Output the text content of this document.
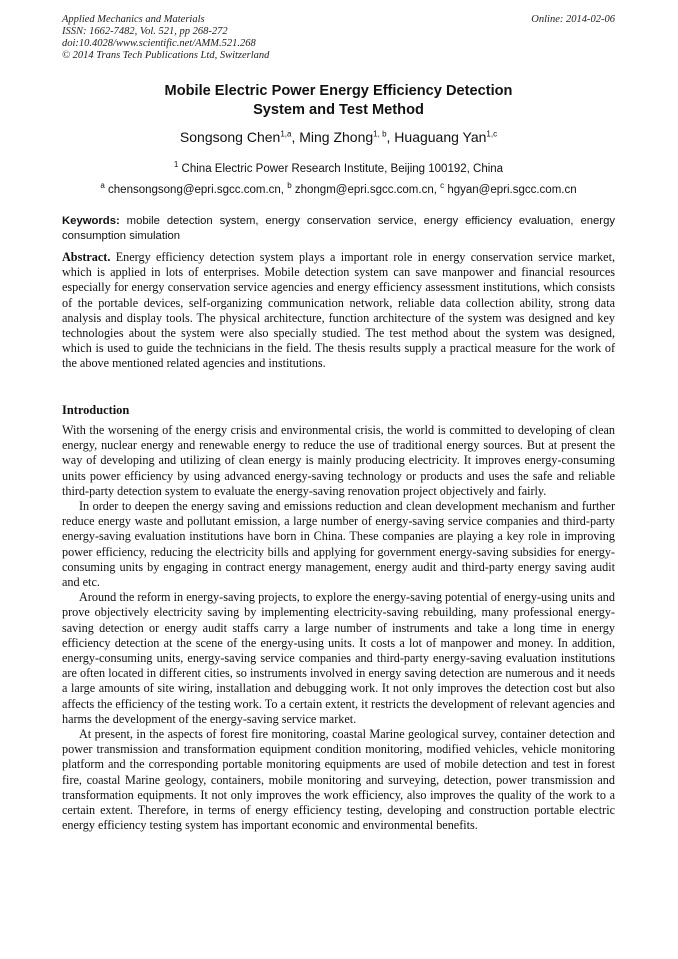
Applied Mechanics and Materials
ISSN: 1662-7482, Vol. 521, pp 268-272
doi:10.4028/www.scientific.net/AMM.521.268
© 2014 Trans Tech Publications Ltd, Switzerland
Online: 2014-02-06
Mobile Electric Power Energy Efficiency Detection
System and Test Method
Songsong Chen$^{1,a}$, Ming Zhong$^{1, b}$, Huaguang Yan$^{1,c}$
$^1$ China Electric Power Research Institute, Beijing 100192, China
$^a$ chensongsong@epri.sgcc.com.cn, $^b$ zhongm@epri.sgcc.com.cn, $^c$ hgyan@epri.sgcc.com.cn
Keywords: mobile detection system, energy conservation service, energy efficiency evaluation, energy consumption simulation

Abstract. Energy efficiency detection system plays a important role in energy conservation service market, which is applied in lots of enterprises. Mobile detection system can save manpower and financial resources especially for energy conservation service agencies and energy efficiency assessment institutions, which consists of the portable devices, self-organizing communication network, reliable data collection ability, strong data analysis and display tools. The physical architecture, function architecture of the system was designed and key technologies about the system were also specially studied. The test method about the system was designed, which is used to guide the technicians in the field. The thesis results supply a practical measure for the work of the above mentioned related agencies and institutions.

Introduction

With the worsening of the energy crisis and environmental crisis, the world is committed to developing of clean energy, nuclear energy and renewable energy to reduce the use of traditional energy sources. But at present the way of developing and utilizing of clean energy is mainly producing electricity. It improves energy-consuming units power efficiency by using advanced energy-saving technology or products and uses the safe and reliable third-party detection system to evaluate the energy-saving renovation project objectively and fairly.

In order to deepen the energy saving and emissions reduction and clean development mechanism and further reduce energy waste and pollutant emission, a large number of energy-saving service companies and third-party energy-saving evaluation institutions have born in China. These companies are playing a key role in improving power efficiency, reducing the electricity bills and applying for government energy-saving subsidies for energy-consuming units by engaging in contract energy management, energy audit and third-party energy saving audit and etc.

Around the reform in energy-saving projects, to explore the energy-saving potential of energy-using units and prove objectively electricity saving by implementing electricity-saving rebuilding, many professional energy-saving detection or energy audit staffs carry a large number of instruments and take a long time in energy efficiency detection at the scene of the energy-using units. It costs a lot of manpower and money. In addition, energy-consuming units, energy-saving service companies and third-party energy-saving evaluation institutions are often located in different cities, so instruments involved in energy saving detection are numerous and it needs a large amounts of site wiring, installation and debugging work. It not only improves the detection cost but also affects the efficiency of the testing work. To a certain extent, it restricts the development of relevant agencies and harms the development of the energy-saving service market.

At present, in the aspects of forest fire monitoring, coastal Marine geological survey, container detection and power transmission and transformation equipment condition monitoring, modified vehicles, vehicle monitoring platform and the corresponding portable monitoring equipments are used of mobile detection and test in forest fire, coastal Marine geology, containers, mobile monitoring and surveying, detection, power transmission and transformation equipments. It not only improves the work efficiency, also improves the quality of the work to a certain extent. Therefore, in terms of energy efficiency testing, developing and construction portable electric energy efficiency testing system has important economic and environmental benefits.
